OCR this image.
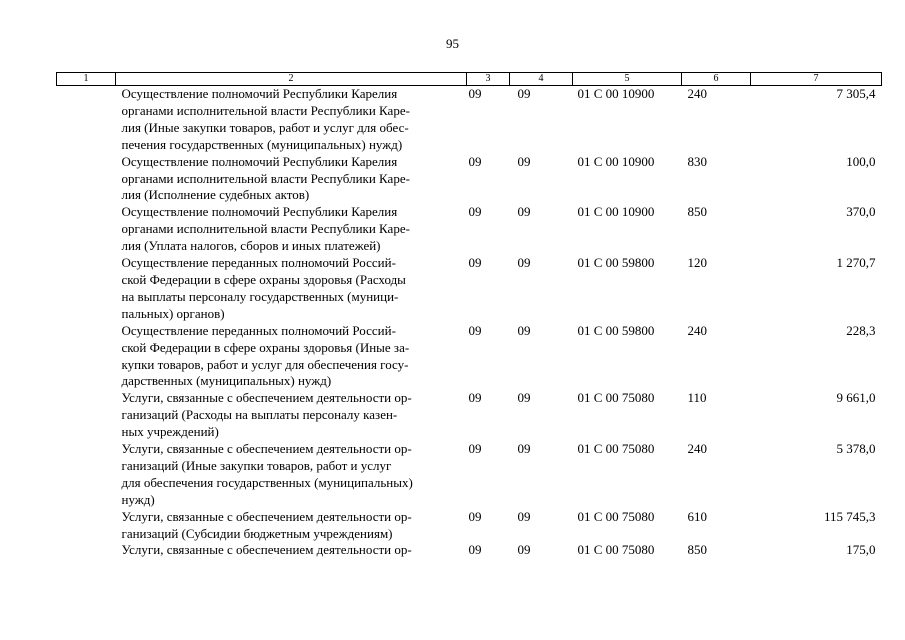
95
1	2	3	4	5	6	7

	Осуществление полномочий Республики Карелия
органами исполнительной власти Республики Каре-
лия (Иные закупки товаров, работ и услуг для обес-
печения государственных (муниципальных) нужд)	09	09	01 С 00 10900	240	7 305,4

	Осуществление полномочий Республики Карелия
органами исполнительной власти Республики Каре-
лия (Исполнение судебных актов)	09	09	01 С 00 10900	830	100,0

	Осуществление полномочий Республики Карелия
органами исполнительной власти Республики Каре-
лия (Уплата налогов, сборов и иных платежей)	09	09	01 С 00 10900	850	370,0

	Осуществление переданных полномочий Россий-
ской Федерации в сфере охраны здоровья (Расходы
на выплаты персоналу государственных (муници-
пальных) органов)	09	09	01 С 00 59800	120	1 270,7

	Осуществление переданных полномочий Россий-
ской Федерации в сфере охраны здоровья (Иные за-
купки товаров, работ и услуг для обеспечения госу-
дарственных (муниципальных) нужд)	09	09	01 С 00 59800	240	228,3

	Услуги, связанные с обеспечением деятельности ор-
ганизаций (Расходы на выплаты персоналу казен-
ных учреждений)	09	09	01 С 00 75080	110	9 661,0

	Услуги, связанные с обеспечением деятельности ор-
ганизаций (Иные закупки товаров, работ и услуг
для обеспечения государственных (муниципальных)
нужд)	09	09	01 С 00 75080	240	5 378,0

	Услуги, связанные с обеспечением деятельности ор-
ганизаций (Субсидии бюджетным учреждениям)	09	09	01 С 00 75080	610	115 745,3

	Услуги, связанные с обеспечением деятельности ор-	09	09	01 С 00 75080	850	175,0
